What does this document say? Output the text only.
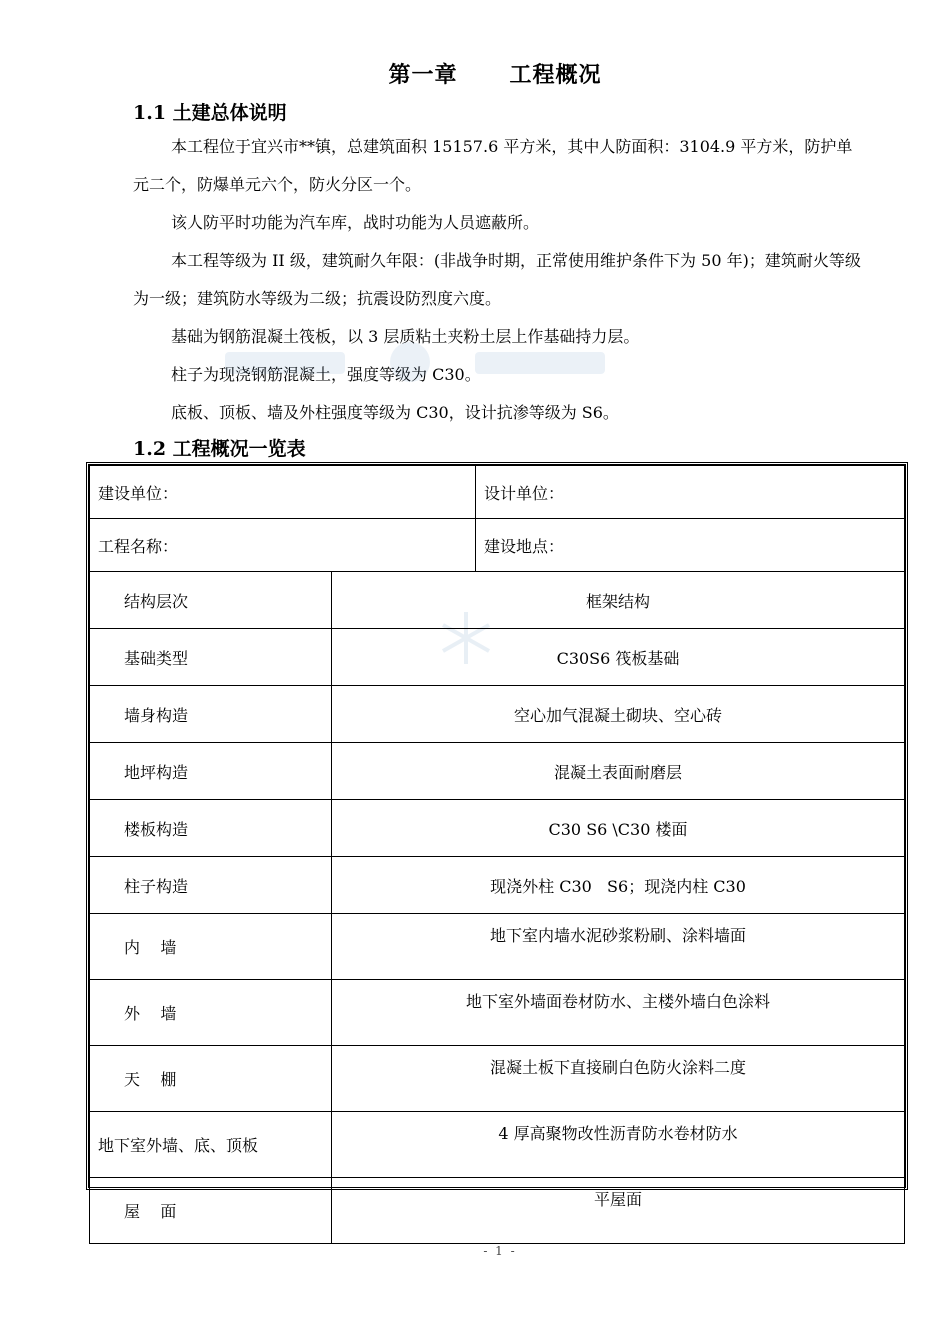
第一章      工程概况
1.1 土建总体说明

本工程位于宜兴市**镇，总建筑面积 15157.6 平方米，其中人防面积：3104.9 平方米，防护单元二个，防爆单元六个，防火分区一个。

该人防平时功能为汽车库，战时功能为人员遮蔽所。

本工程等级为 II 级，建筑耐久年限：(非战争时期，正常使用维护条件下为 50 年)；建筑耐火等级为一级；建筑防水等级为二级；抗震设防烈度六度。

基础为钢筋混凝土筏板，以 3 层质粘土夹粉土层上作基础持力层。

柱子为现浇钢筋混凝土，强度等级为 C30。

底板、顶板、墙及外柱强度等级为 C30，设计抗渗等级为 S6。

1.2 工程概况一览表
建设单位：		设计单位：
工程名称：		建设地点：
结构层次	框架结构	
基础类型	C30S6 筏板基础	
墙身构造	空心加气混凝土砌块、空心砖	
地坪构造	混凝土表面耐磨层	
楼板构造	C30 S6 \C30 楼面	
柱子构造	现浇外柱 C30   S6；现浇内柱 C30	
内    墙	地下室内墙水泥砂浆粉刷、涂料墙面	
外    墙	地下室外墙面卷材防水、主楼外墙白色涂料	
天    棚	混凝土板下直接刷白色防火涂料二度	
地下室外墙、底、顶板	4 厚高聚物改性沥青防水卷材防水	
屋    面	平屋面	
- 1 -
